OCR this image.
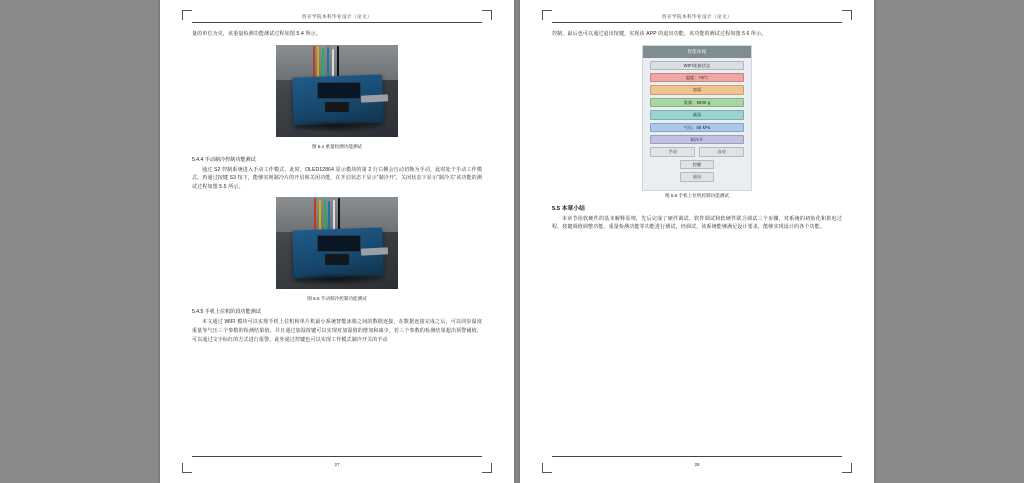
西京学院本科毕业设计（论文）
量的单位为克，该重量检测功能测试过程如图 5.4 所示。
图 5.4 重量检测功能测试
5.4.4 手动制冷控制功能测试
通过 S2 控制系统进入手动工作模式，此时，OLED12864 显示模块的第 2 行右侧会自动切换为手动，此时处于手动工作模式，再通过按键 S3 按下，能够实现制冷片的开启和关闭功能，在开启状态下显示“制冷开”，关闭状态下显示“制冷关”该功能的测试过程如图 5.5 所示。
图 5.5 手动制冷控制功能测试
5.4.5 手机上位机阶段功能测试
本文通过 WIFI 模块可以实现手机上位机和单片机最小系统智能冰箱之间的数据连接，在数据连接完成之后，可以同步温度重量等气压三个参数的检测结果值，并且通过加湿按键可以实现对加湿值的增加和减少，若三个参数的检测结果超出预警阈值，可以通过文字标红的方式进行报警。此外通过控键也可以实现工作模式制冷开关的手动
27
西京学院本科毕业设计（论文）
控制，最后也可以通过退出按键，实现该 APP 的退出功能，该功能的测试过程如图 5.6 所示。
智能冰箱
WIFI连接状态
温度：+5℃
加湿
重量：5000 g
减湿
气压：60 kPa
制冷开
手动	自动
控键
退出
图 5.6 手机上位机控制功能测试
5.5 本章小结
本章节给软硬件的基本解释原则，先后完成了硬件调试、软件调试和软硬件联合调试三个步骤，对系统的初始化和供电过程、按键调值调整功能、重量检测功能等功能进行测试，经调试，该系统能够满足设计要求，能够实现设计的各个功能。
28
